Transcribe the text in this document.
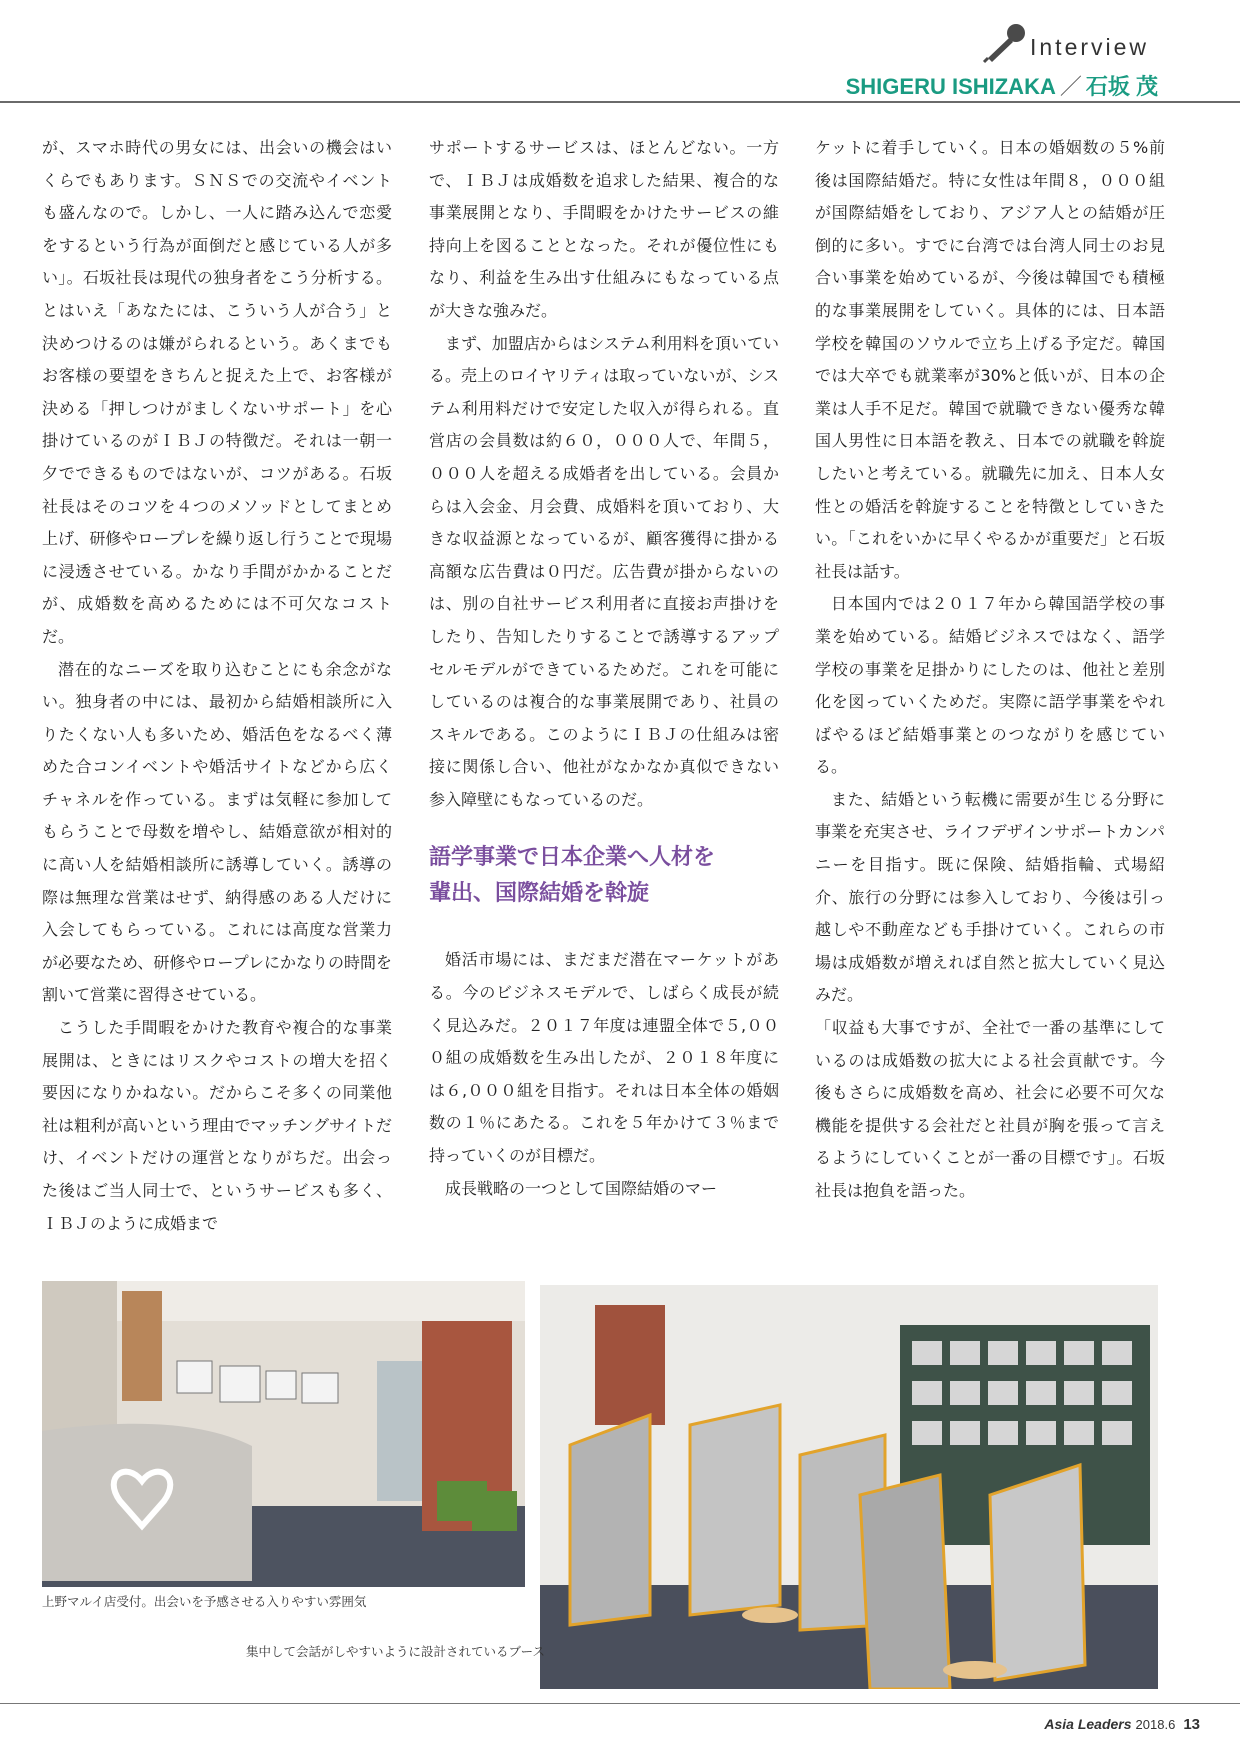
Interview
SHIGERU ISHIZAKA ／ 石坂 茂

が、スマホ時代の男女には、出会いの機会はいくらでもあります。ＳＮＳでの交流やイベントも盛んなので。しかし、一人に踏み込んで恋愛をするという行為が面倒だと感じている人が多い」。石坂社長は現代の独身者をこう分析する。とはいえ「あなたには、こういう人が合う」と決めつけるのは嫌がられるという。あくまでもお客様の要望をきちんと捉えた上で、お客様が決める「押しつけがましくないサポート」を心掛けているのがＩＢＪの特徴だ。それは一朝一夕でできるものではないが、コツがある。石坂社長はそのコツを４つのメソッドとしてまとめ上げ、研修やロープレを繰り返し行うことで現場に浸透させている。かなり手間がかかることだが、成婚数を高めるためには不可欠なコストだ。

潜在的なニーズを取り込むことにも余念がない。独身者の中には、最初から結婚相談所に入りたくない人も多いため、婚活色をなるべく薄めた合コンイベントや婚活サイトなどから広くチャネルを作っている。まずは気軽に参加してもらうことで母数を増やし、結婚意欲が相対的に高い人を結婚相談所に誘導していく。誘導の際は無理な営業はせず、納得感のある人だけに入会してもらっている。これには高度な営業力が必要なため、研修やロープレにかなりの時間を割いて営業に習得させている。

こうした手間暇をかけた教育や複合的な事業展開は、ときにはリスクやコストの増大を招く要因になりかねない。だからこそ多くの同業他社は粗利が高いという理由でマッチングサイトだけ、イベントだけの運営となりがちだ。出会った後はご当人同士で、というサービスも多く、ＩＢＪのように成婚まで

サポートするサービスは、ほとんどない。一方で、ＩＢＪは成婚数を追求した結果、複合的な事業展開となり、手間暇をかけたサービスの維持向上を図ることとなった。それが優位性にもなり、利益を生み出す仕組みにもなっている点が大きな強みだ。

まず、加盟店からはシステム利用料を頂いている。売上のロイヤリティは取っていないが、システム利用料だけで安定した収入が得られる。直営店の会員数は約６０，０００人で、年間５，０００人を超える成婚者を出している。会員からは入会金、月会費、成婚料を頂いており、大きな収益源となっているが、顧客獲得に掛かる高額な広告費は０円だ。広告費が掛からないのは、別の自社サービス利用者に直接お声掛けをしたり、告知したりすることで誘導するアップセルモデルができているためだ。これを可能にしているのは複合的な事業展開であり、社員のスキルである。このようにＩＢＪの仕組みは密接に関係し合い、他社がなかなか真似できない参入障壁にもなっているのだ。

語学事業で日本企業へ人材を
輩出、国際結婚を斡旋

婚活市場には、まだまだ潜在マーケットがある。今のビジネスモデルで、しばらく成長が続く見込みだ。２０１７年度は連盟全体で５,０００組の成婚数を生み出したが、２０１８年度には６,０００組を目指す。それは日本全体の婚姻数の１％にあたる。これを５年かけて３％まで持っていくのが目標だ。

成長戦略の一つとして国際結婚のマー

ケットに着手していく。日本の婚姻数の５%前後は国際結婚だ。特に女性は年間８，０００組が国際結婚をしており、アジア人との結婚が圧倒的に多い。すでに台湾では台湾人同士のお見合い事業を始めているが、今後は韓国でも積極的な事業展開をしていく。具体的には、日本語学校を韓国のソウルで立ち上げる予定だ。韓国では大卒でも就業率が30%と低いが、日本の企業は人手不足だ。韓国で就職できない優秀な韓国人男性に日本語を教え、日本での就職を斡旋したいと考えている。就職先に加え、日本人女性との婚活を斡旋することを特徴としていきたい。「これをいかに早くやるかが重要だ」と石坂社長は話す。

日本国内では２０１７年から韓国語学校の事業を始めている。結婚ビジネスではなく、語学学校の事業を足掛かりにしたのは、他社と差別化を図っていくためだ。実際に語学事業をやればやるほど結婚事業とのつながりを感じている。

また、結婚という転機に需要が生じる分野に事業を充実させ、ライフデザインサポートカンパニーを目指す。既に保険、結婚指輪、式場紹介、旅行の分野には参入しており、今後は引っ越しや不動産なども手掛けていく。これらの市場は成婚数が増えれば自然と拡大していく見込みだ。

「収益も大事ですが、全社で一番の基準にしているのは成婚数の拡大による社会貢献です。今後もさらに成婚数を高め、社会に必要不可欠な機能を提供する会社だと社員が胸を張って言えるようにしていくことが一番の目標です」。石坂社長は抱負を語った。

上野マルイ店受付。出会いを予感させる入りやすい雰囲気
集中して会話がしやすいように設計されているブース
Asia Leaders 2018.6 13
